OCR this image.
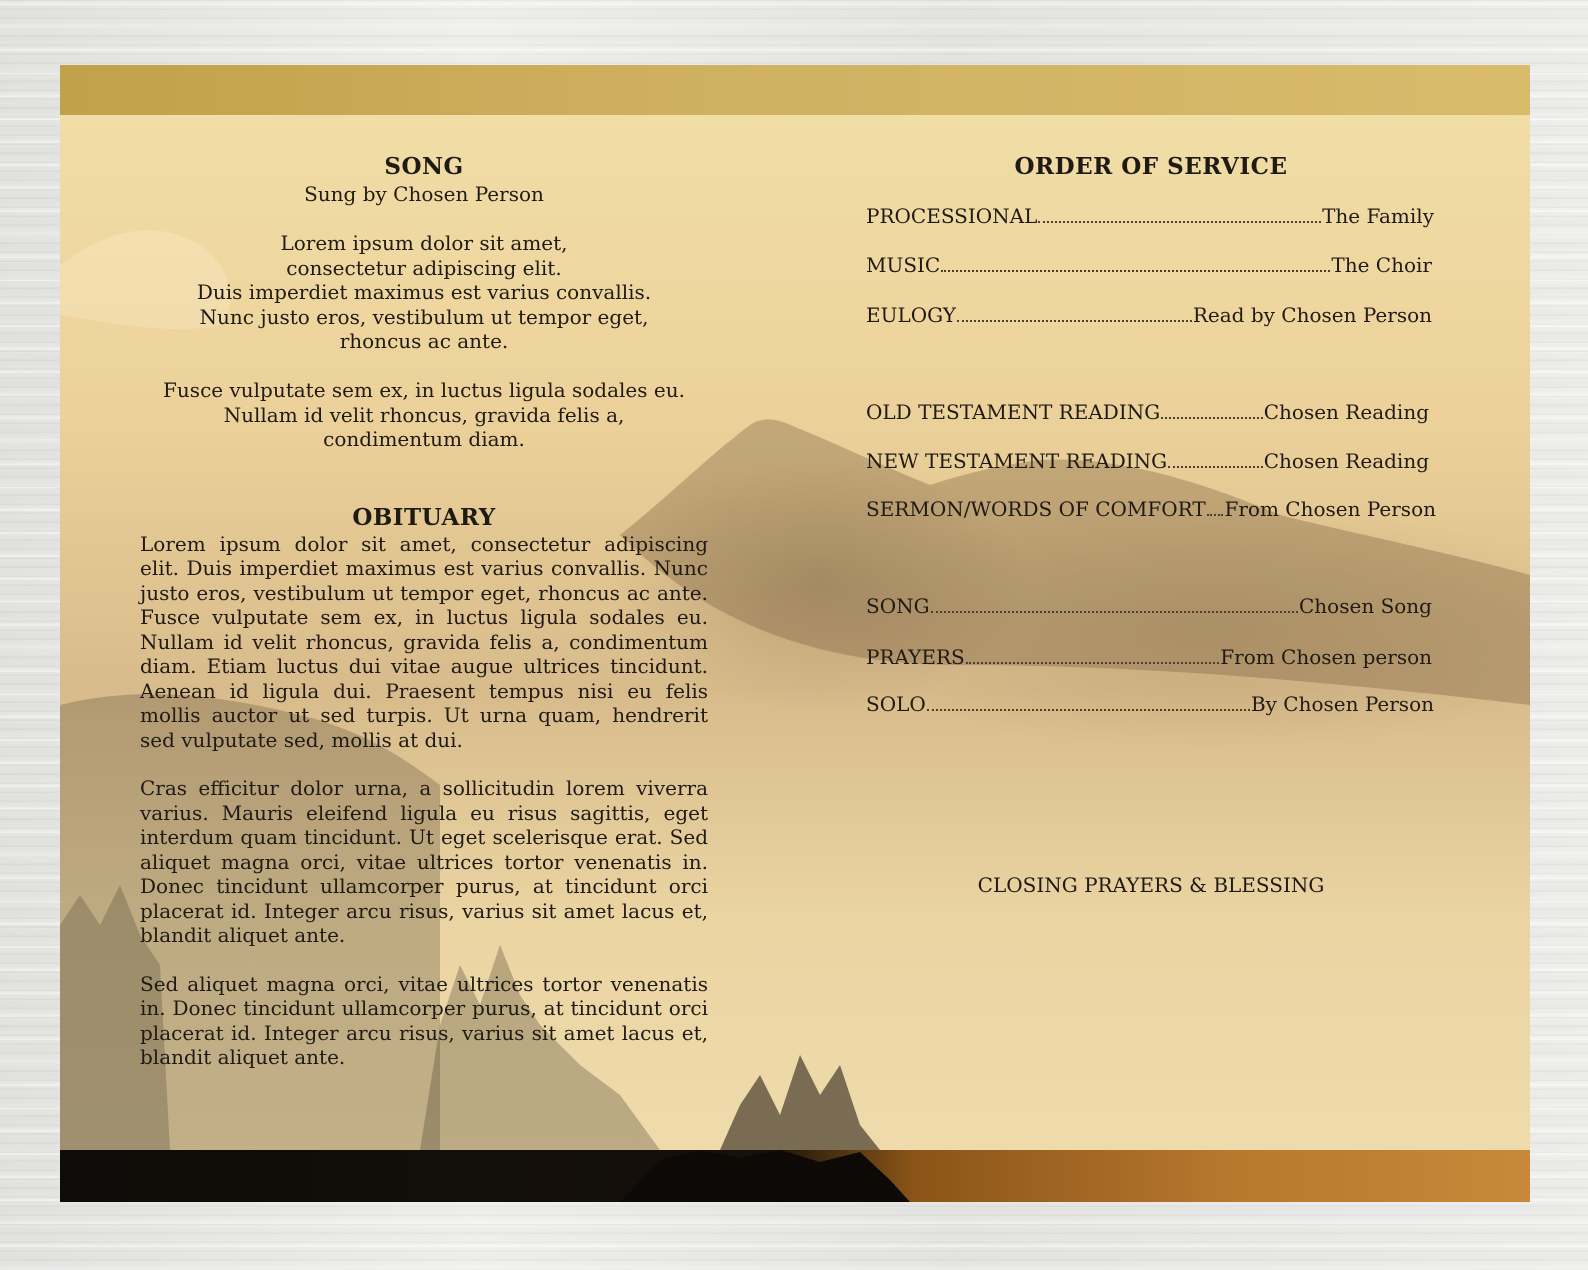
SONG

Sung by Chosen Person

Lorem ipsum dolor sit amet,

consectetur adipiscing elit.

Duis imperdiet maximus est varius convallis.

Nunc justo eros, vestibulum ut tempor eget,

rhoncus ac ante.

Fusce vulputate sem ex, in luctus ligula sodales eu.

Nullam id velit rhoncus, gravida felis a,

condimentum diam.

OBITUARY

Lorem ipsum dolor sit amet, consectetur adipiscing elit. Duis imperdiet maximus est varius convallis. Nunc justo eros, vestibulum ut tempor eget, rhoncus ac ante. Fusce vulputate sem ex, in luctus ligula sodales eu. Nullam id velit rhoncus, gravida felis a, condimentum diam. Etiam luctus dui vitae augue ultrices tincidunt. Aenean id ligula dui. Praesent tempus nisi eu felis mollis auctor ut sed turpis. Ut urna quam, hendrerit sed vulputate sed, mollis at dui.

Cras efficitur dolor urna, a sollicitudin lorem viverra varius. Mauris eleifend ligula eu risus sagittis, eget interdum quam tincidunt. Ut eget scelerisque erat. Sed aliquet magna orci, vitae ultrices tortor venenatis in. Donec tincidunt ullamcorper purus, at tincidunt orci placerat id. Integer arcu risus, varius sit amet lacus et, blandit aliquet ante.

Sed aliquet magna orci, vitae ultrices tortor venenatis in. Donec tincidunt ullamcorper purus, at tincidunt orci placerat id. Integer arcu risus, varius sit amet lacus et, blandit aliquet ante.

ORDER OF SERVICE
PROCESSIONAL	The Family
MUSIC	The Choir
EULOGY	Read by Chosen Person
OLD TESTAMENT READING	Chosen Reading
NEW TESTAMENT READING	Chosen Reading
SERMON/WORDS OF COMFORT From Chosen Person
SONG	Chosen Song
PRAYERS	From Chosen person
SOLO	By Chosen Person
CLOSING PRAYERS & BLESSING
